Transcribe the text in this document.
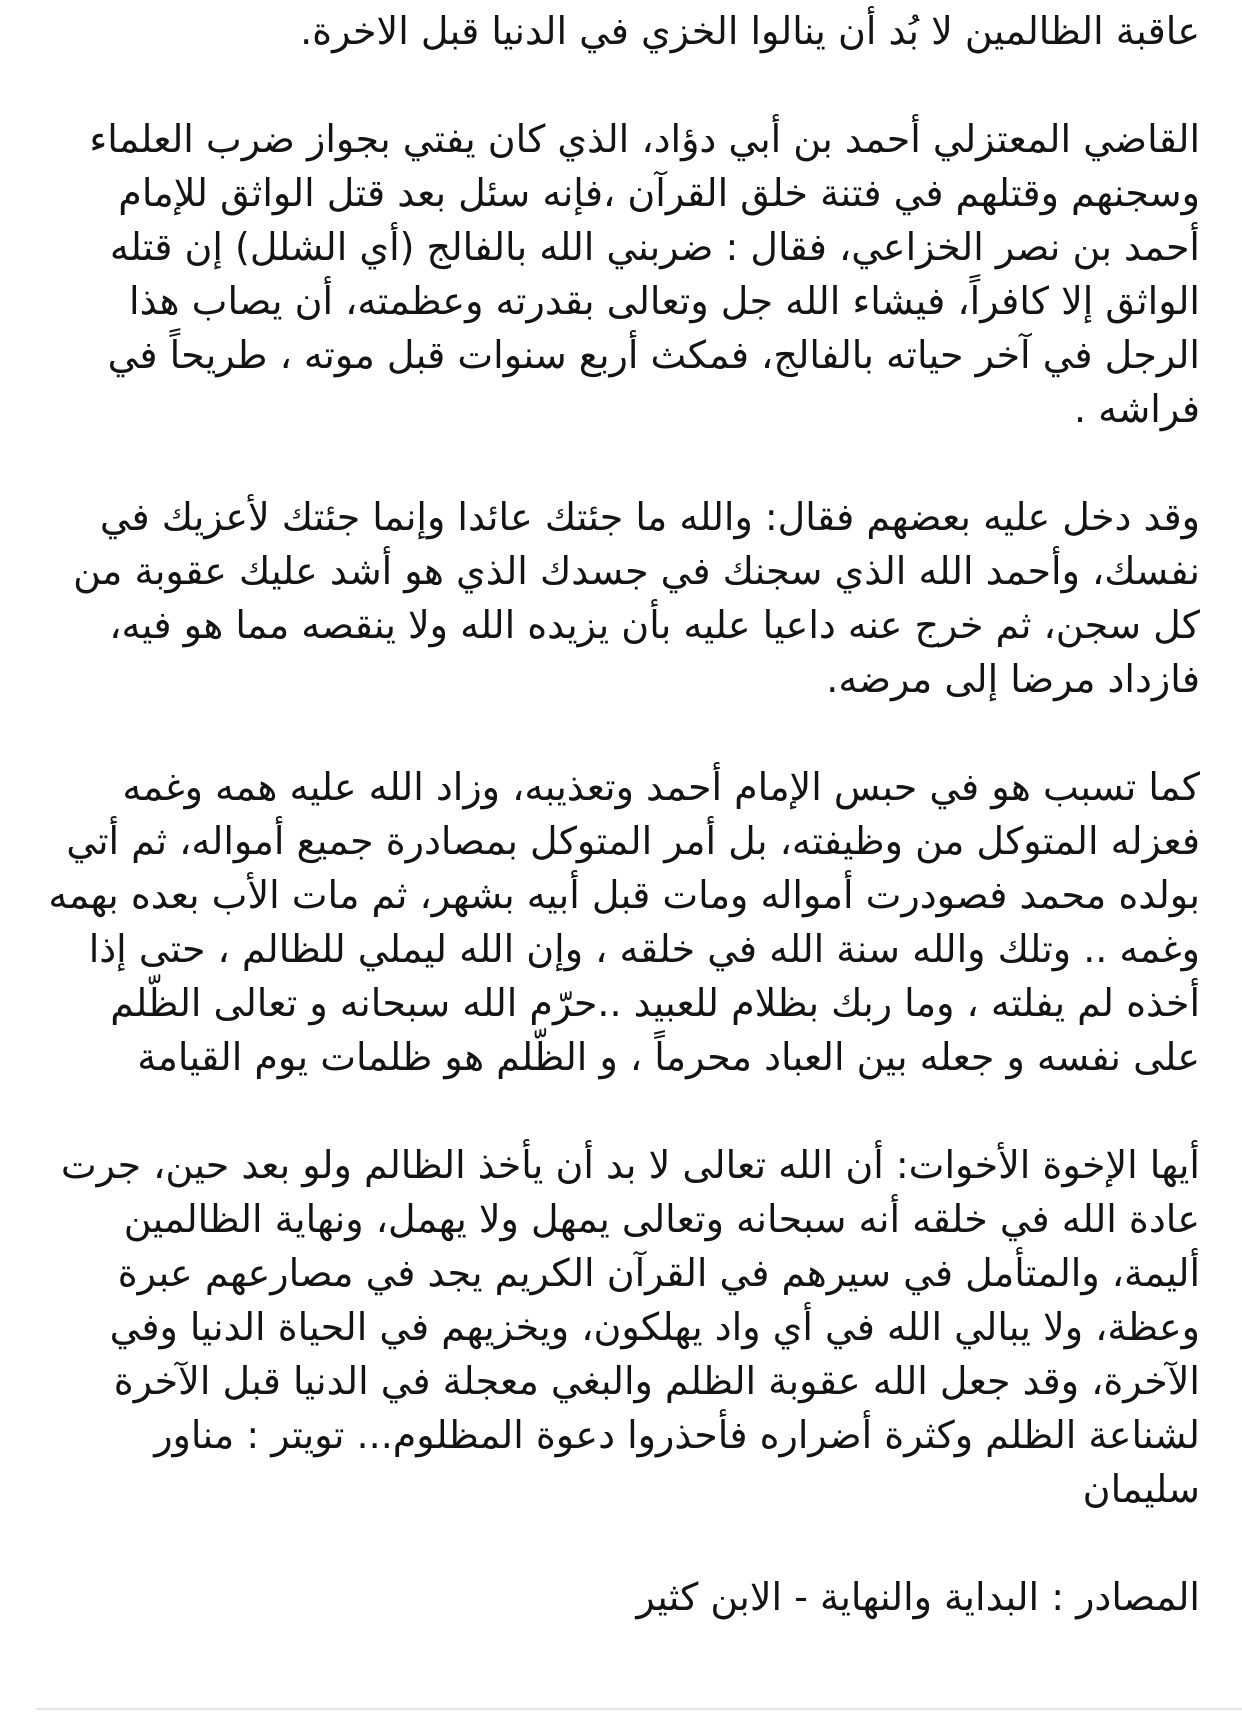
عاقبة الظالمين لا بُد أن ينالوا الخزي في الدنيا قبل الاخرة.

القاضي المعتزلي أحمد بن أبي دؤاد، الذي كان يفتي بجواز ضرب العلماء وسجنهم وقتلهم في فتنة خلق القرآن ،فإنه سئل بعد قتل الواثق للإمام أحمد بن نصر الخزاعي، فقال : ضربني الله بالفالج (أي الشلل) إن قتله الواثق إلا كافراً، فيشاء الله جل وتعالى بقدرته وعظمته، أن يصاب هذا الرجل في آخر حياته بالفالج، فمكث أربع سنوات قبل موته ، طريحاً في فراشه .

وقد دخل عليه بعضهم فقال: والله ما جئتك عائدا وإنما جئتك لأعزيك في نفسك، وأحمد الله الذي سجنك في جسدك الذي هو أشد عليك عقوبة من كل سجن، ثم خرج عنه داعيا عليه بأن يزيده الله ولا ينقصه مما هو فيه، فازداد مرضا إلى مرضه.

كما تسبب هو في حبس الإمام أحمد وتعذيبه، وزاد الله عليه همه وغمه فعزله المتوكل من وظيفته، بل أمر المتوكل بمصادرة جميع أمواله، ثم أتي بولده محمد فصودرت أمواله ومات قبل أبيه بشهر، ثم مات الأب بعده بهمه وغمه .. وتلك والله سنة الله في خلقه ، وإن الله ليملي للظالم ، حتى إذا أخذه لم يفلته ، وما ربك بظلام للعبيد ..حرّم الله سبحانه و تعالى الظّلم على نفسه و جعله بين العباد محرماً ، و الظّلم هو ظلمات يوم القيامة

أيها الإخوة الأخوات: أن الله تعالى لا بد أن يأخذ الظالم ولو بعد حين، جرت عادة الله في خلقه أنه سبحانه وتعالى يمهل ولا يهمل، ونهاية الظالمين أليمة، والمتأمل في سيرهم في القرآن الكريم يجد في مصارعهم عبرة وعظة، ولا يبالي الله في أي واد يهلكون، ويخزيهم في الحياة الدنيا وفي الآخرة، وقد جعل الله عقوبة الظلم والبغي معجلة في الدنيا قبل الآخرة لشناعة الظلم وكثرة أضراره فأحذروا دعوة المظلوم... تويتر : مناور سليمان

المصادر : البداية والنهاية - الابن كثير
